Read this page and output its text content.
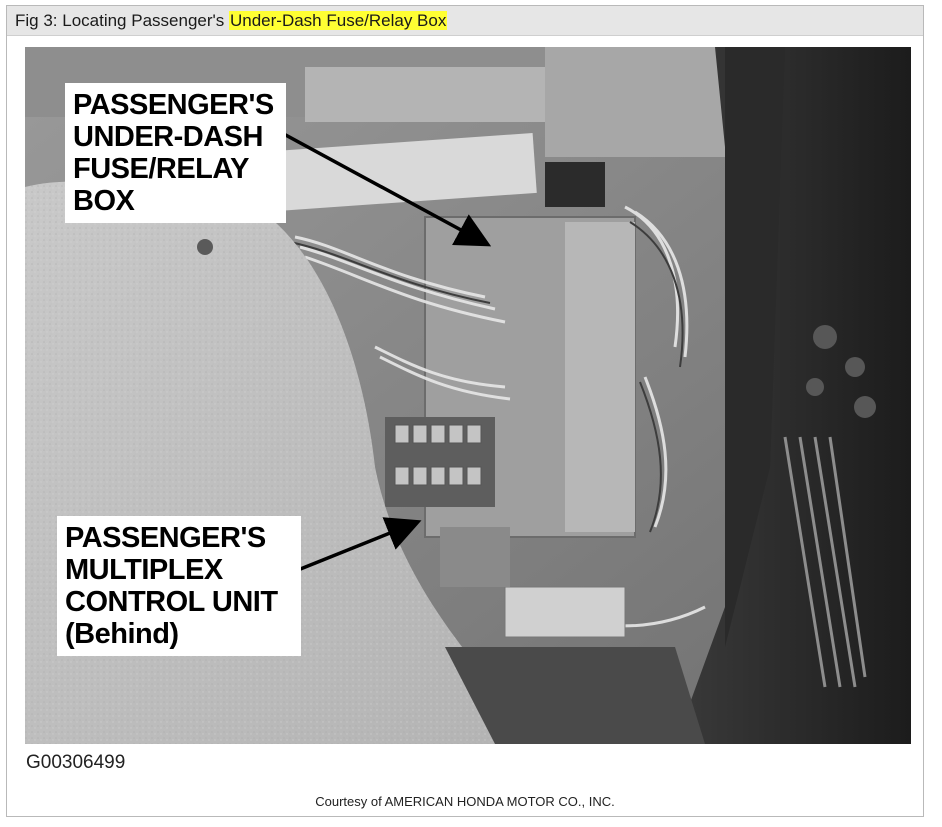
Fig 3: Locating Passenger's Under-Dash Fuse/Relay Box
PASSENGER'S
UNDER-DASH
FUSE/RELAY
BOX
PASSENGER'S
MULTIPLEX
CONTROL UNIT
(Behind)
G00306499
Courtesy of AMERICAN HONDA MOTOR CO., INC.
